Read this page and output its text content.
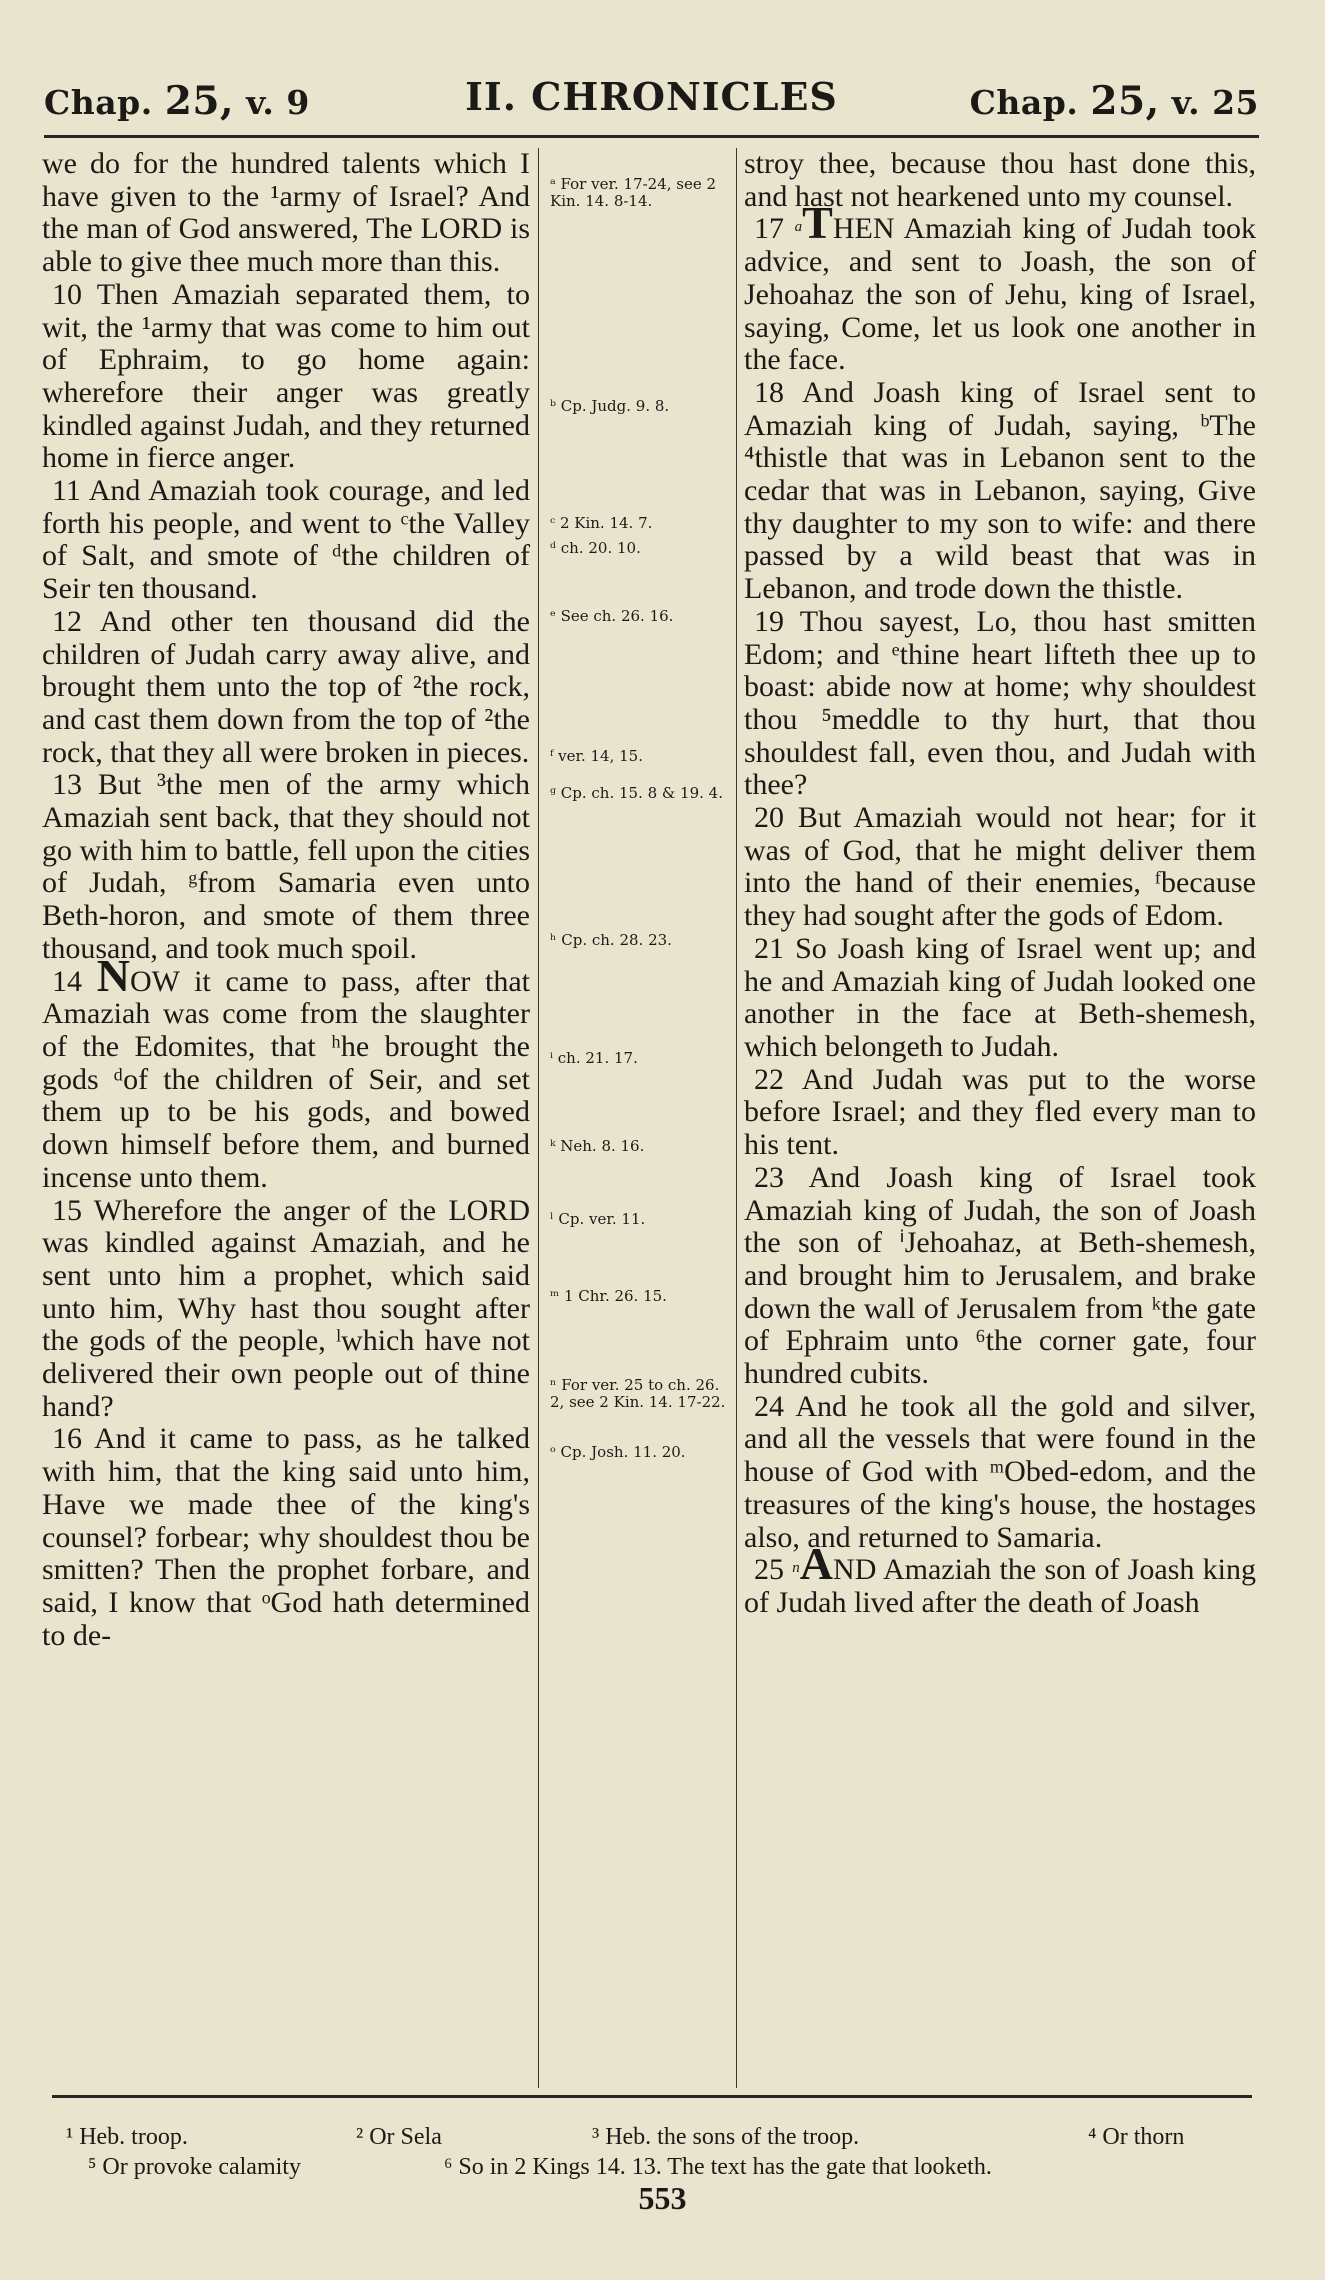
Chap. 25, v. 9	II. CHRONICLES	Chap. 25, v. 25

we do for the hundred talents which I have given to the ¹army of Israel? And the man of God answered, The LORD is able to give thee much more than this.

10 Then Amaziah separated them, to wit, the ¹army that was come to him out of Ephraim, to go home again: wherefore their anger was greatly kindled against Judah, and they returned home in fierce anger.

11 And Amaziah took courage, and led forth his people, and went to ᶜthe Valley of Salt, and smote of ᵈthe children of Seir ten thousand.

12 And other ten thousand did the children of Judah carry away alive, and brought them unto the top of ²the rock, and cast them down from the top of ²the rock, that they all were broken in pieces.

13 But ³the men of the army which Amaziah sent back, that they should not go with him to battle, fell upon the cities of Judah, ᵍfrom Samaria even unto Beth-horon, and smote of them three thousand, and took much spoil.

14 NOW it came to pass, after that Amaziah was come from the slaughter of the Edomites, that ʰhe brought the gods ᵈof the children of Seir, and set them up to be his gods, and bowed down himself before them, and burned incense unto them.

15 Wherefore the anger of the LORD was kindled against Amaziah, and he sent unto him a prophet, which said unto him, Why hast thou sought after the gods of the people, ˡwhich have not delivered their own people out of thine hand?

16 And it came to pass, as he talked with him, that the king said unto him, Have we made thee of the king's counsel? forbear; why shouldest thou be smitten? Then the prophet forbare, and said, I know that ᵒGod hath determined to de-

ᵃ For ver. 17-24, see 2 Kin. 14. 8-14.
ᵇ Cp. Judg. 9. 8.
ᶜ 2 Kin. 14. 7.
ᵈ ch. 20. 10.
ᵉ See ch. 26. 16.
ᶠ ver. 14, 15.
ᵍ Cp. ch. 15. 8 & 19. 4.
ʰ Cp. ch. 28. 23.
ⁱ ch. 21. 17.
ᵏ Neh. 8. 16.
ˡ Cp. ver. 11.
ᵐ 1 Chr. 26. 15.
ⁿ For ver. 25 to ch. 26. 2, see 2 Kin. 14. 17-22.
ᵒ Cp. Josh. 11. 20.

stroy thee, because thou hast done this, and hast not hearkened unto my counsel.

17 $^a$THEN Amaziah king of Judah took advice, and sent to Joash, the son of Jehoahaz the son of Jehu, king of Israel, saying, Come, let us look one another in the face.

18 And Joash king of Israel sent to Amaziah king of Judah, saying, ᵇThe ⁴thistle that was in Lebanon sent to the cedar that was in Lebanon, saying, Give thy daughter to my son to wife: and there passed by a wild beast that was in Lebanon, and trode down the thistle.

19 Thou sayest, Lo, thou hast smitten Edom; and ᵉthine heart lifteth thee up to boast: abide now at home; why shouldest thou ⁵meddle to thy hurt, that thou shouldest fall, even thou, and Judah with thee?

20 But Amaziah would not hear; for it was of God, that he might deliver them into the hand of their enemies, ᶠbecause they had sought after the gods of Edom.

21 So Joash king of Israel went up; and he and Amaziah king of Judah looked one another in the face at Beth-shemesh, which belongeth to Judah.

22 And Judah was put to the worse before Israel; and they fled every man to his tent.

23 And Joash king of Israel took Amaziah king of Judah, the son of Joash the son of ⁱJehoahaz, at Beth-shemesh, and brought him to Jerusalem, and brake down the wall of Jerusalem from ᵏthe gate of Ephraim unto ⁶the corner gate, four hundred cubits.

24 And he took all the gold and silver, and all the vessels that were found in the house of God with ᵐObed-edom, and the treasures of the king's house, the hostages also, and returned to Samaria.

25 $^n$AND Amaziah the son of Joash king of Judah lived after the death of Joash

¹ Heb. troop.	² Or Sela	³ Heb. the sons of the troop.	⁴ Or thorn
⁵ Or provoke calamity	⁶ So in 2 Kings 14. 13. The text has the gate that looketh.
553
